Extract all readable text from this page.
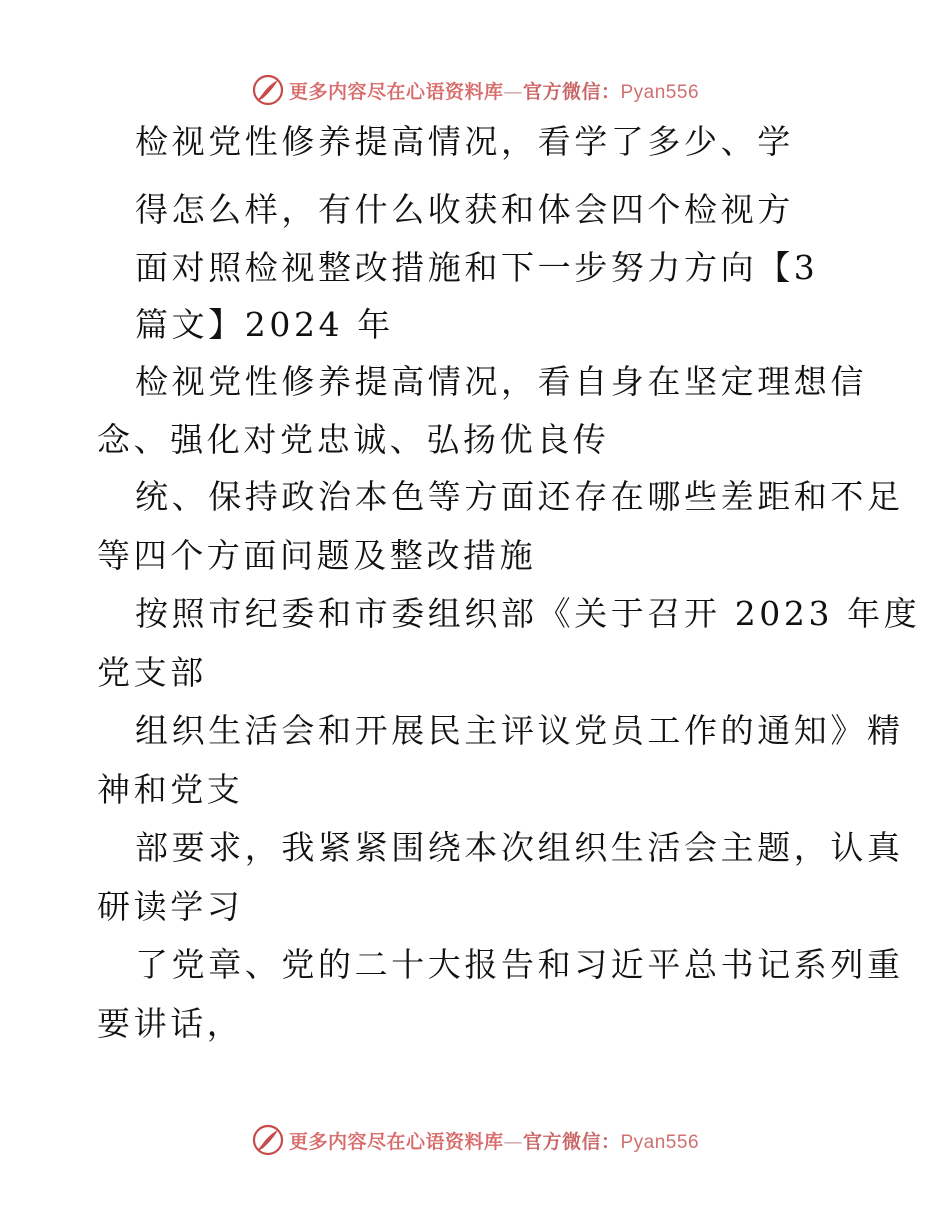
更多内容尽在心语资料库—官方微信：Pyan556
检视党性修养提高情况，看学了多少、学
得怎么样，有什么收获和体会四个检视方
面对照检视整改措施和下一步努力方向【3
篇文】2024 年
检视党性修养提高情况，看自身在坚定理想信
念、强化对党忠诚、弘扬优良传
统、保持政治本色等方面还存在哪些差距和不足
等四个方面问题及整改措施
按照市纪委和市委组织部《关于召开 2023 年度
党支部
组织生活会和开展民主评议党员工作的通知》精
神和党支
部要求，我紧紧围绕本次组织生活会主题，认真
研读学习
了党章、党的二十大报告和习近平总书记系列重
要讲话，
更多内容尽在心语资料库—官方微信：Pyan556
